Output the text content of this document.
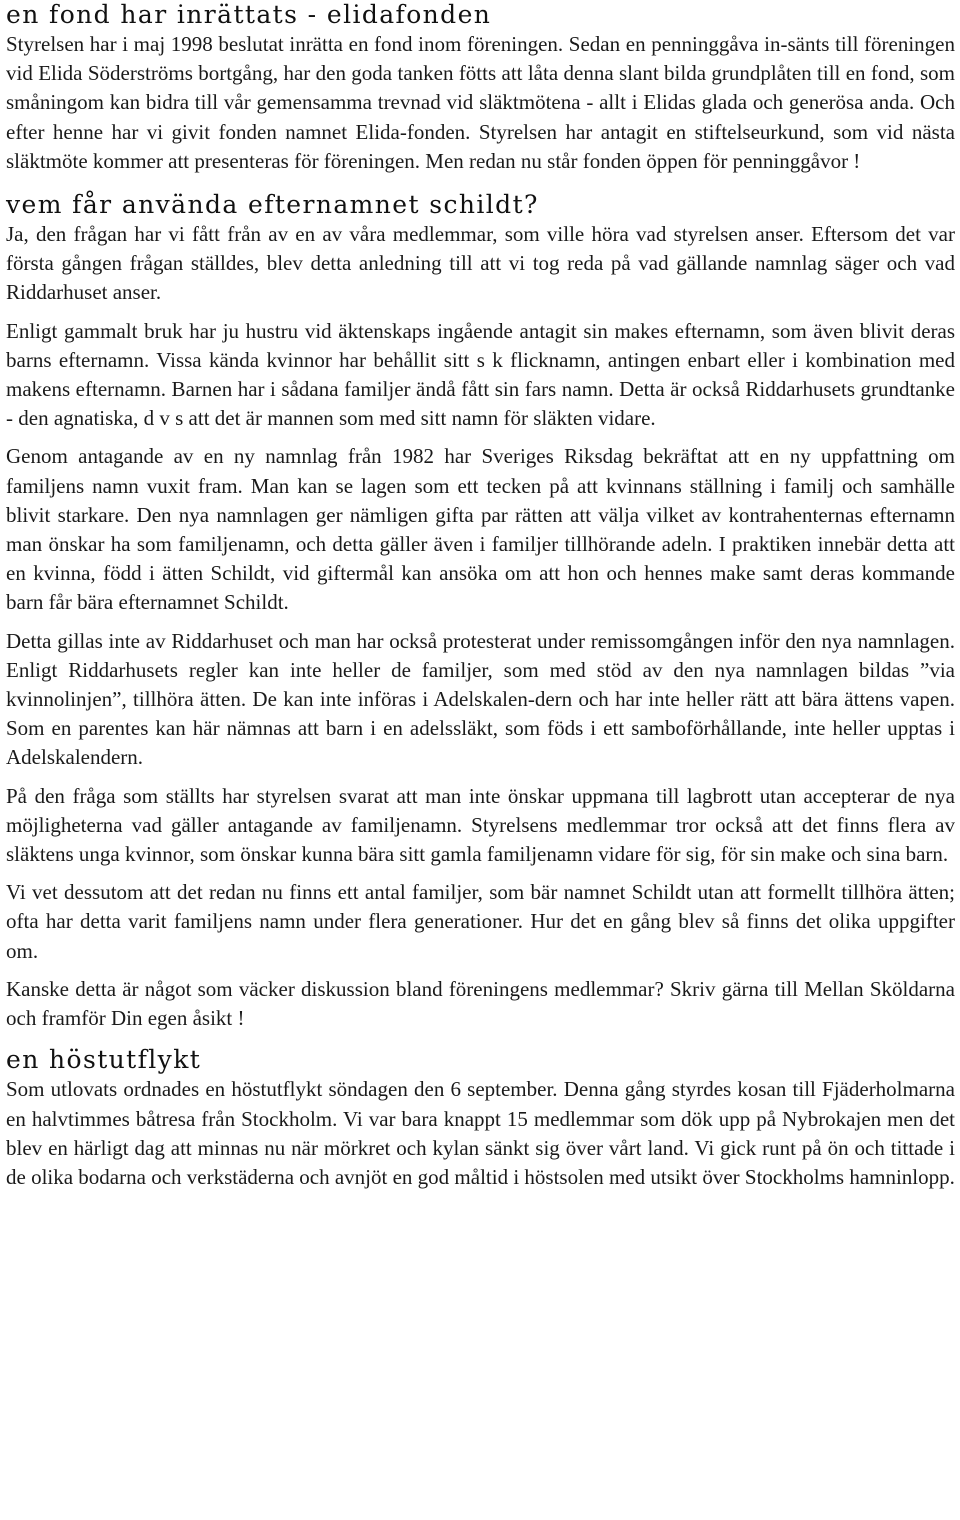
en fond har inrättats - elidafonden

Styrelsen har i maj 1998 beslutat inrätta en fond inom föreningen. Sedan en penninggåva in-sänts till föreningen vid Elida Söderströms bortgång, har den goda tanken fötts att låta denna slant bilda grundplåten till en fond, som småningom kan bidra till vår gemensamma trevnad vid släktmötena - allt i Elidas glada och generösa anda. Och efter henne har vi givit fonden namnet Elida-fonden. Styrelsen har antagit en stiftelseurkund, som vid nästa släktmöte kommer att presenteras för föreningen. Men redan nu står fonden öppen för penninggåvor !

vem får använda efternamnet schildt?

Ja, den frågan har vi fått från av en av våra medlemmar, som ville höra vad styrelsen anser. Eftersom det var första gången frågan ställdes, blev detta anledning till att vi tog reda på vad gällande namnlag säger och vad Riddarhuset anser.

Enligt gammalt bruk har ju hustru vid äktenskaps ingående antagit sin makes efternamn, som även blivit deras barns efternamn. Vissa kända kvinnor har behållit sitt s k flicknamn, antingen enbart eller i kombination med makens efternamn. Barnen har i sådana familjer ändå fått sin fars namn. Detta är också Riddarhusets grundtanke - den agnatiska, d v s att det är mannen som med sitt namn för släkten vidare.

Genom antagande av en ny namnlag från 1982 har Sveriges Riksdag bekräftat att en ny uppfattning om familjens namn vuxit fram. Man kan se lagen som ett tecken på att kvinnans ställning i familj och samhälle blivit starkare. Den nya namnlagen ger nämligen gifta par rätten att välja vilket av kontrahenternas efternamn man önskar ha som familjenamn, och detta gäller även i familjer tillhörande adeln. I praktiken innebär detta att en kvinna, född i ätten Schildt, vid giftermål kan ansöka om att hon och hennes make samt deras kommande barn får bära efternamnet Schildt.

Detta gillas inte av Riddarhuset och man har också protesterat under remissomgången inför den nya namnlagen. Enligt Riddarhusets regler kan inte heller de familjer, som med stöd av den nya namnlagen bildas ”via kvinnolinjen”, tillhöra ätten. De kan inte införas i Adelskalen-dern och har inte heller rätt att bära ättens vapen. Som en parentes kan här nämnas att barn i en adelssläkt, som föds i ett samboförhållande, inte heller upptas i Adelskalendern.

På den fråga som ställts har styrelsen svarat att man inte önskar uppmana till lagbrott utan accepterar de nya möjligheterna vad gäller antagande av familjenamn. Styrelsens medlemmar tror också att det finns flera av släktens unga kvinnor, som önskar kunna bära sitt gamla familjenamn vidare för sig, för sin make och sina barn.

Vi vet dessutom att det redan nu finns ett antal familjer, som bär namnet Schildt utan att formellt tillhöra ätten; ofta har detta varit familjens namn under flera generationer. Hur det en gång blev så finns det olika uppgifter om.

Kanske detta är något som väcker diskussion bland föreningens medlemmar? Skriv gärna till Mellan Sköldarna och framför Din egen åsikt !

en höstutflykt

Som utlovats ordnades en höstutflykt söndagen den 6 september. Denna gång styrdes kosan till Fjäderholmarna en halvtimmes båtresa från Stockholm. Vi var bara knappt 15 medlemmar som dök upp på Nybrokajen men det blev en härligt dag att minnas nu när mörkret och kylan sänkt sig över vårt land. Vi gick runt på ön och tittade i de olika bodarna och verkstäderna och avnjöt en god måltid i höstsolen med utsikt över Stockholms hamninlopp.
